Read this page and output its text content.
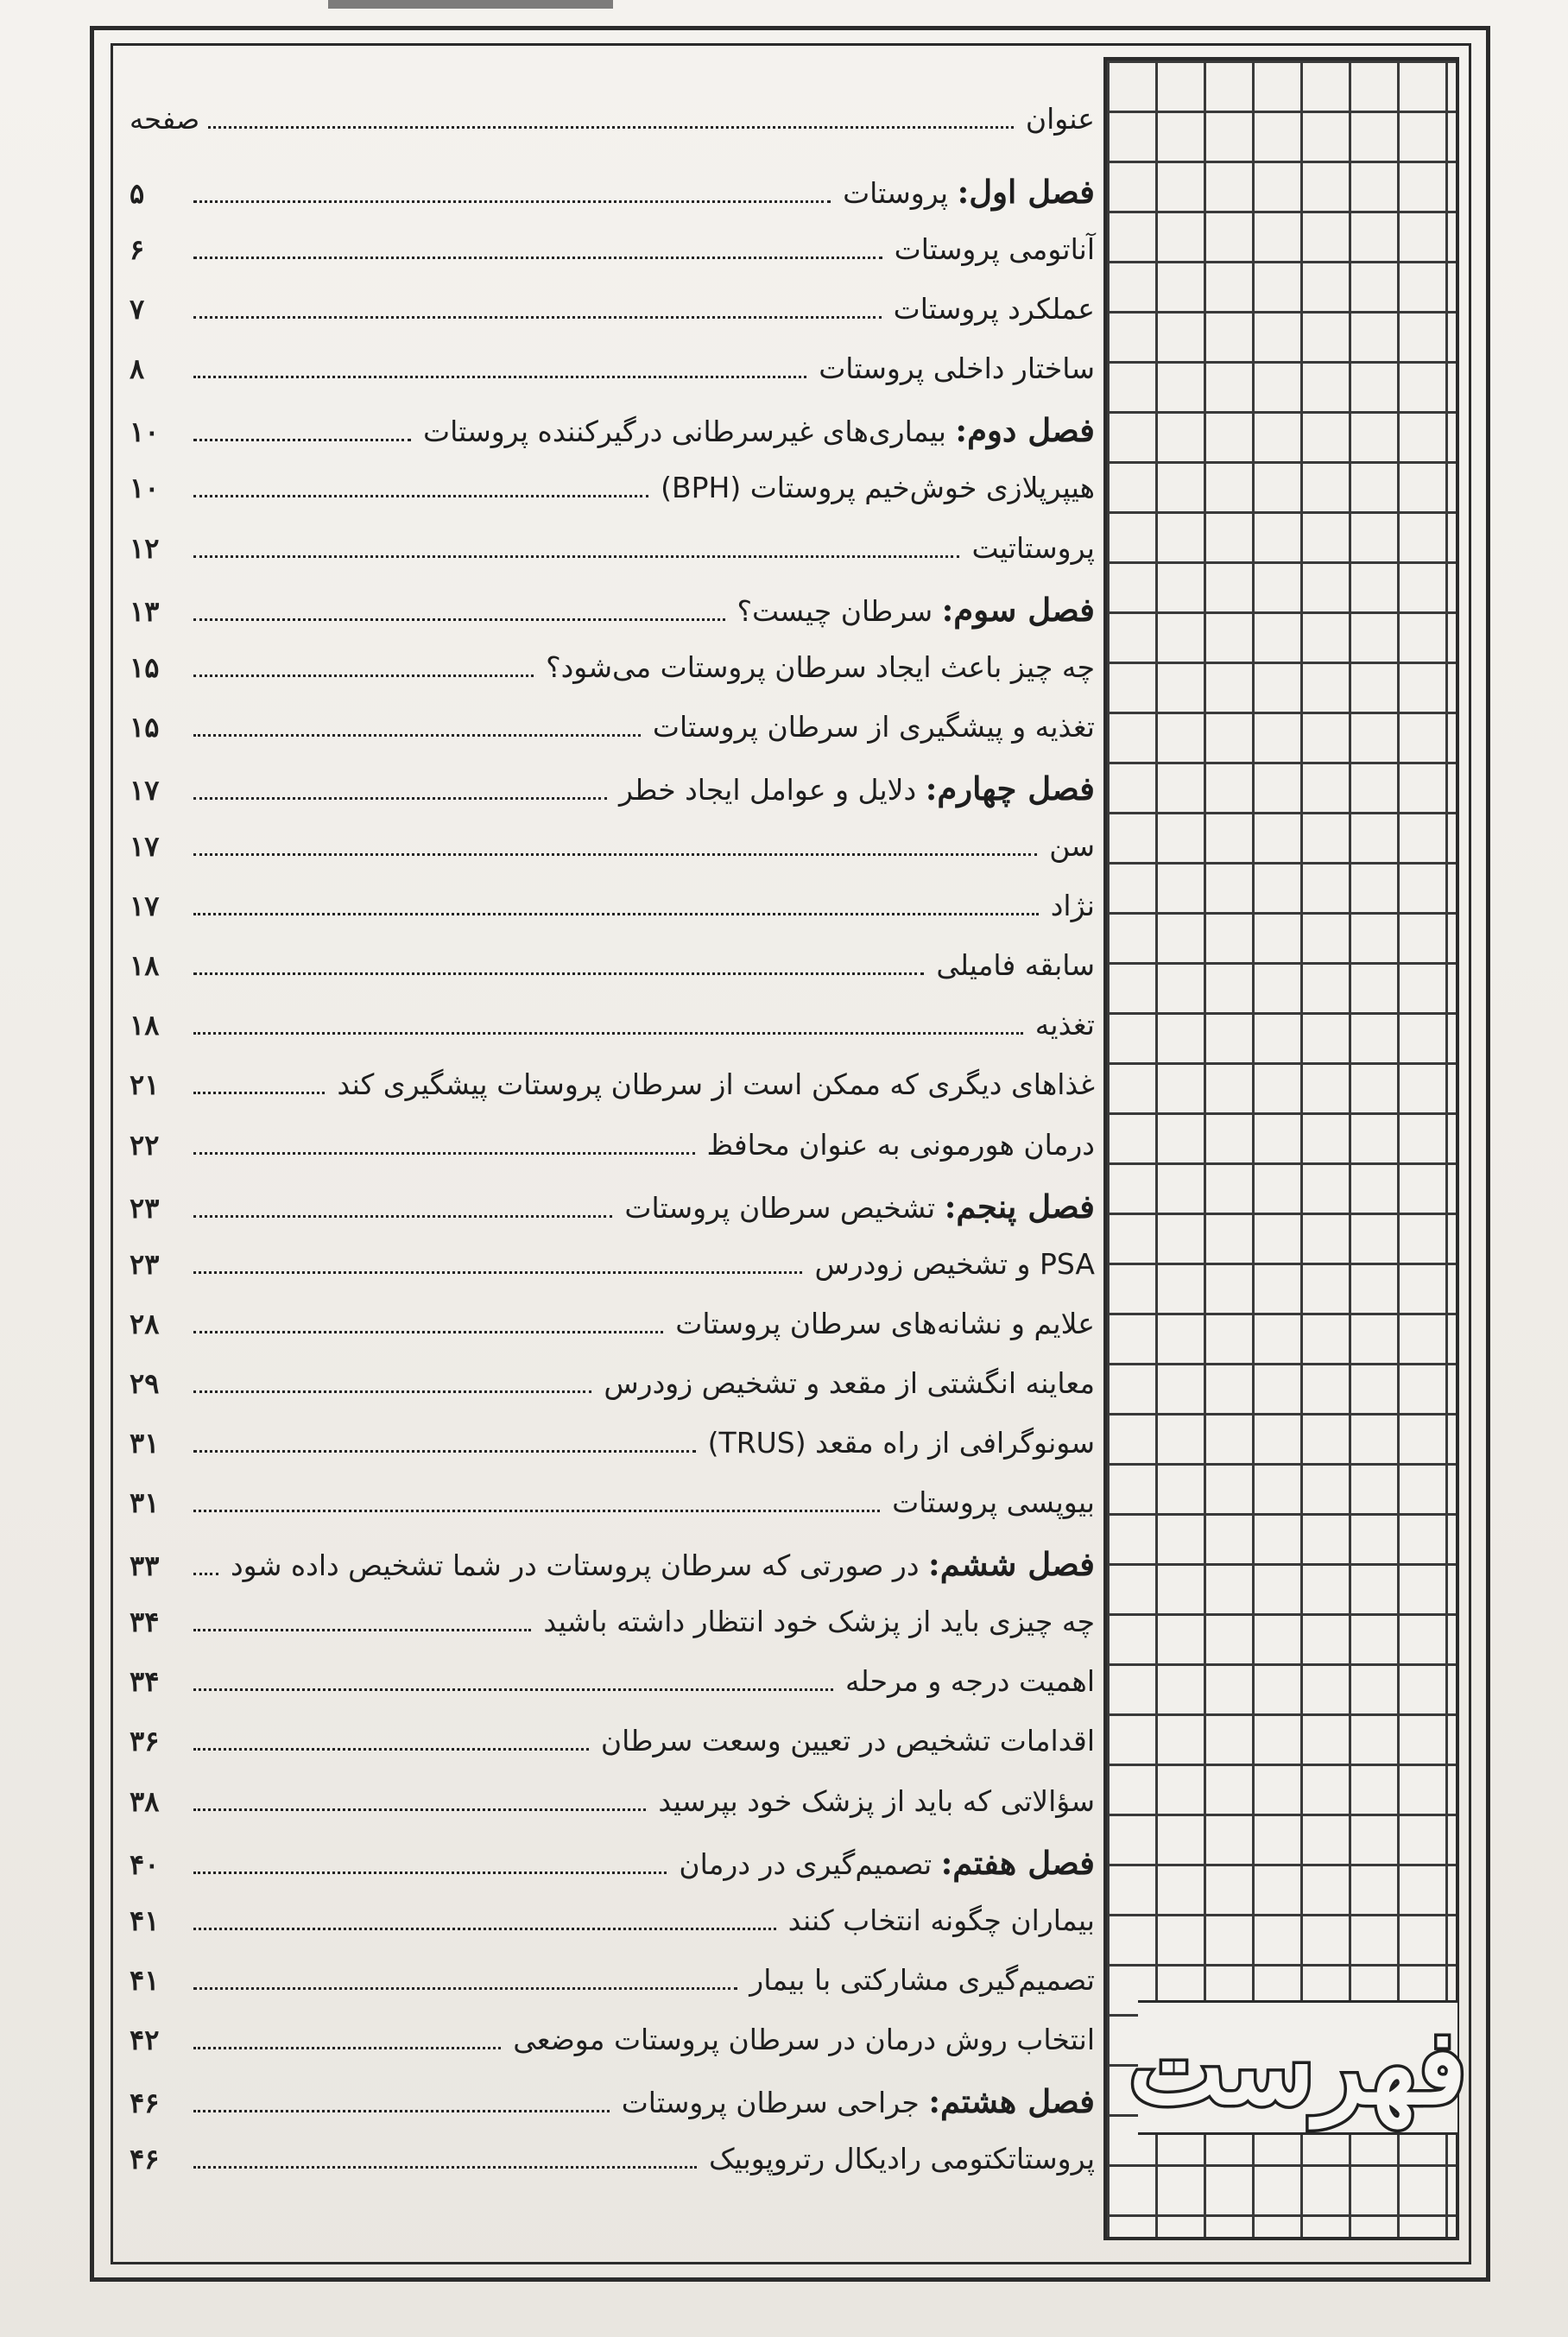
فهرست
عنوان
صفحه
فصل اول: پروستات
۵
آناتومی پروستات
۶
عملکرد پروستات
۷
ساختار داخلی پروستات
۸
فصل دوم: بیماری‌های غیرسرطانی درگیرکننده پروستات
۱۰
هیپرپلازی خوش‌خیم پروستات (BPH)
۱۰
پروستاتیت
۱۲
فصل سوم: سرطان چیست؟
۱۳
چه چیز باعث ایجاد سرطان پروستات می‌شود؟
۱۵
تغذیه و پیشگیری از سرطان پروستات
۱۵
فصل چهارم: دلایل و عوامل ایجاد خطر
۱۷
سن
۱۷
نژاد
۱۷
سابقه فامیلی
۱۸
تغذیه
۱۸
غذاهای دیگری که ممکن است از سرطان پروستات پیشگیری کند
۲۱
درمان هورمونی به عنوان محافظ
۲۲
فصل پنجم: تشخیص سرطان پروستات
۲۳
PSA و تشخیص زودرس
۲۳
علایم و نشانه‌های سرطان پروستات
۲۸
معاینه انگشتی از مقعد و تشخیص زودرس
۲۹
سونوگرافی از راه مقعد (TRUS)
۳۱
بیوپسی پروستات
۳۱
فصل ششم: در صورتی که سرطان پروستات در شما تشخیص داده شود
۳۳
چه چیزی باید از پزشک خود انتظار داشته باشید
۳۴
اهمیت درجه و مرحله
۳۴
اقدامات تشخیص در تعیین وسعت سرطان
۳۶
سؤالاتی که باید از پزشک خود بپرسید
۳۸
فصل هفتم: تصمیم‌گیری در درمان
۴۰
بیماران چگونه انتخاب کنند
۴۱
تصمیم‌گیری مشارکتی با بیمار
۴۱
انتخاب روش درمان در سرطان پروستات موضعی
۴۲
فصل هشتم: جراحی سرطان پروستات
۴۶
پروستاتکتومی رادیکال رتروپوبیک
۴۶
